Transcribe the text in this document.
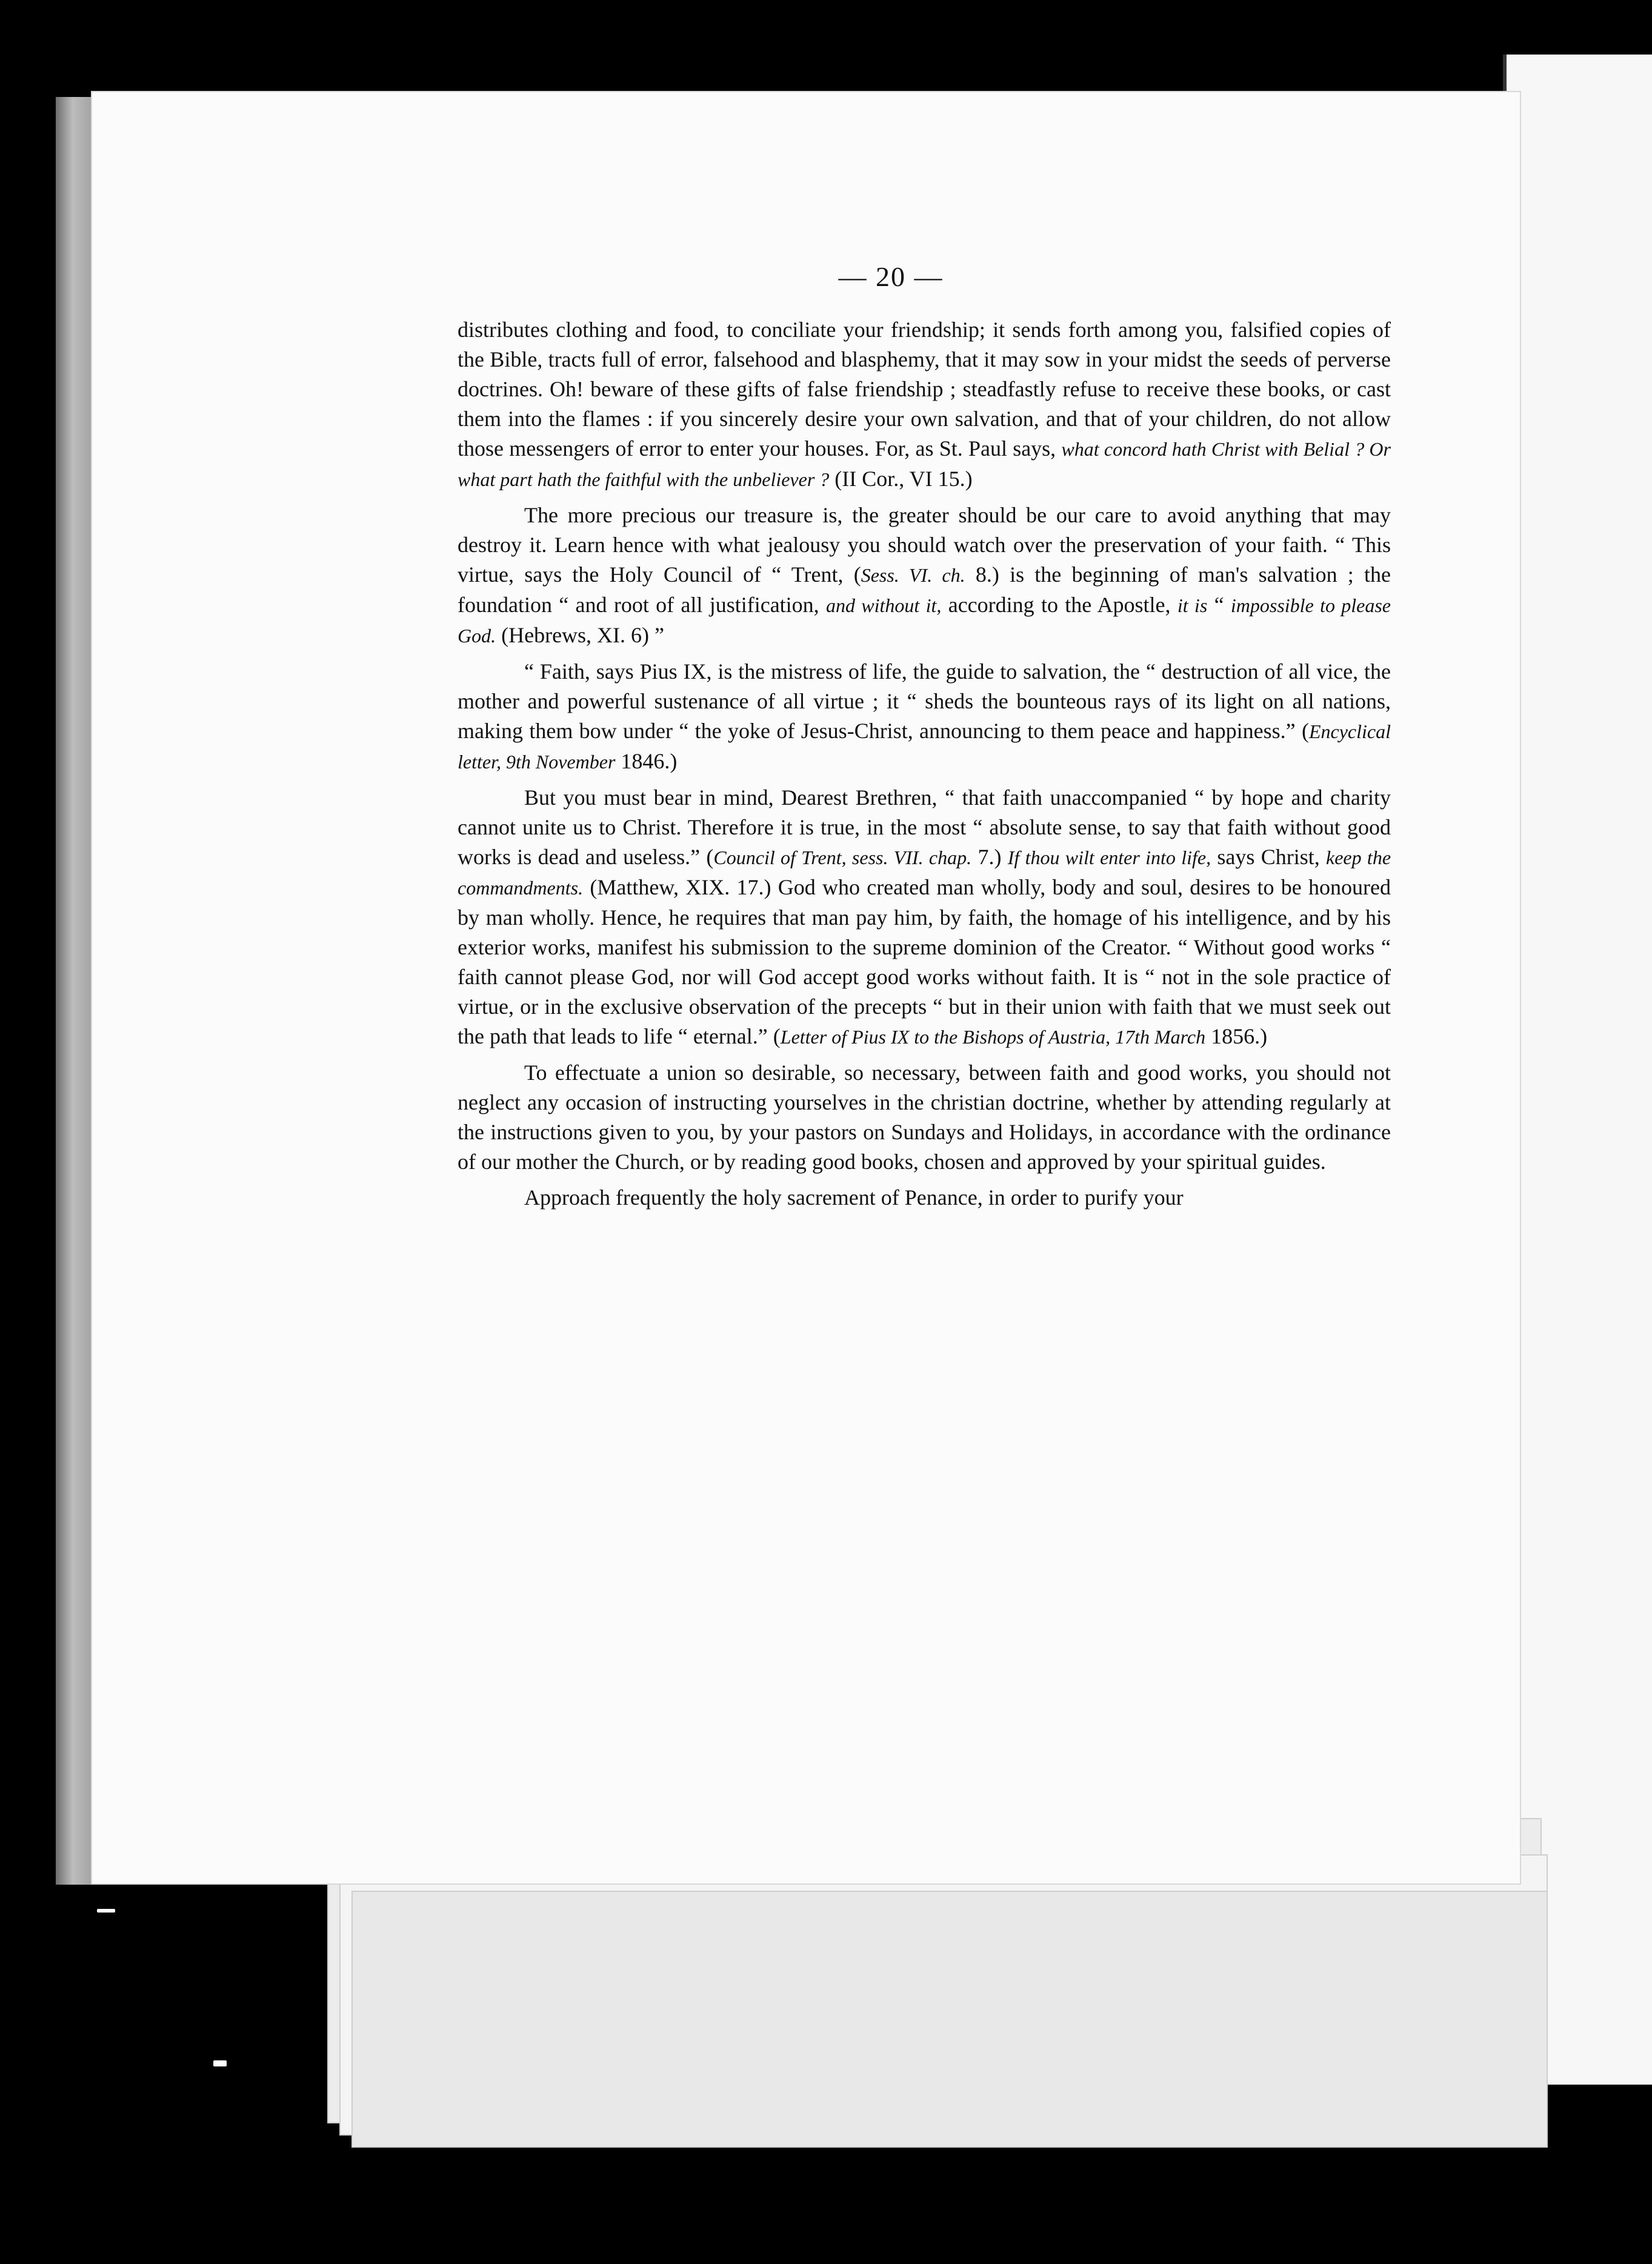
— 20 —

distributes clothing and food, to conciliate your friendship; it sends forth among you, falsified copies of the Bible, tracts full of error, falsehood and blasphemy, that it may sow in your midst the seeds of perverse doctrines. Oh! beware of these gifts of false friendship ; steadfastly refuse to receive these books, or cast them into the flames : if you sincerely desire your own salvation, and that of your children, do not allow those messengers of error to enter your houses. For, as St. Paul says, what concord hath Christ with Belial ? Or what part hath the faithful with the unbeliever ? (II Cor., VI 15.)

The more precious our treasure is, the greater should be our care to avoid anything that may destroy it. Learn hence with what jealousy you should watch over the preservation of your faith. “ This virtue, says the Holy Council of “ Trent, (Sess. VI. ch. 8.) is the beginning of man's salvation ; the foundation “ and root of all justification, and without it, according to the Apostle, it is “ impossible to please God. (Hebrews, XI. 6) ”

“ Faith, says Pius IX, is the mistress of life, the guide to salvation, the “ destruction of all vice, the mother and powerful sustenance of all virtue ; it “ sheds the bounteous rays of its light on all nations, making them bow under “ the yoke of Jesus-Christ, announcing to them peace and happiness.” (Encyclical letter, 9th November 1846.)

But you must bear in mind, Dearest Brethren, “ that faith unaccompanied “ by hope and charity cannot unite us to Christ. Therefore it is true, in the most “ absolute sense, to say that faith without good works is dead and useless.” (Council of Trent, sess. VII. chap. 7.) If thou wilt enter into life, says Christ, keep the commandments. (Matthew, XIX. 17.) God who created man wholly, body and soul, desires to be honoured by man wholly. Hence, he requires that man pay him, by faith, the homage of his intelligence, and by his exterior works, manifest his submission to the supreme dominion of the Creator. “ Without good works “ faith cannot please God, nor will God accept good works without faith. It is “ not in the sole practice of virtue, or in the exclusive observation of the precepts “ but in their union with faith that we must seek out the path that leads to life “ eternal.” (Letter of Pius IX to the Bishops of Austria, 17th March 1856.)

To effectuate a union so desirable, so necessary, between faith and good works, you should not neglect any occasion of instructing yourselves in the christian doctrine, whether by attending regularly at the instructions given to you, by your pastors on Sundays and Holidays, in accordance with the ordinance of our mother the Church, or by reading good books, chosen and approved by your spiritual guides.

Approach frequently the holy sacrement of Penance, in order to purify your
